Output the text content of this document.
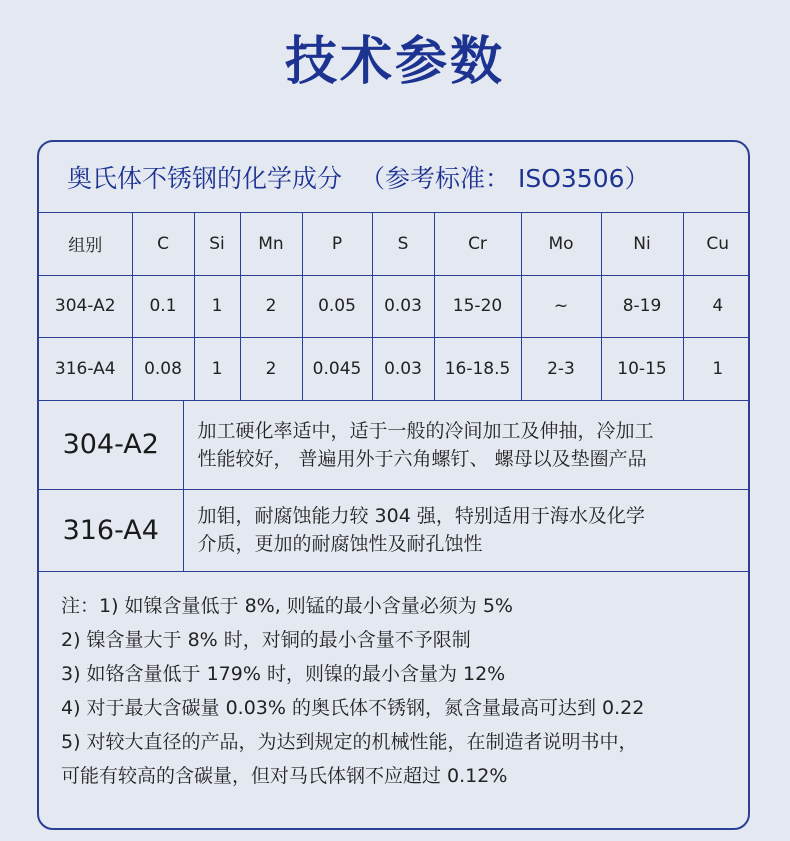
技术参数
奥氏体不锈钢的化学成分 （参考标准： ISO3506）
组别	C	Si	Mn	P	S	Cr	Mo	Ni	Cu
304-A2	0.1	1	2	0.05	0.03	15-20	~	8-19	4
316-A4	0.08	1	2	0.045	0.03	16-18.5	2-3	10-15	1
304-A2	加工硬化率适中，适于一般的冷间加工及伸抽，冷加工
性能较好， 普遍用外于六角螺钉、 螺母以及垫圈产品

316-A4	加钼，耐腐蚀能力较 304 强，特别适用于海水及化学
介质，更加的耐腐蚀性及耐孔蚀性
注：1) 如镍含量低于 8%, 则锰的最小含量必须为 5%
2) 镍含量大于 8% 时，对铜的最小含量不予限制
3) 如铬含量低于 179% 时，则镍的最小含量为 12%
4) 对于最大含碳量 0.03% 的奥氏体不锈钢，氮含量最高可达到 0.22
5) 对较大直径的产品，为达到规定的机械性能，在制造者说明书中，
可能有较高的含碳量，但对马氏体钢不应超过 0.12%
